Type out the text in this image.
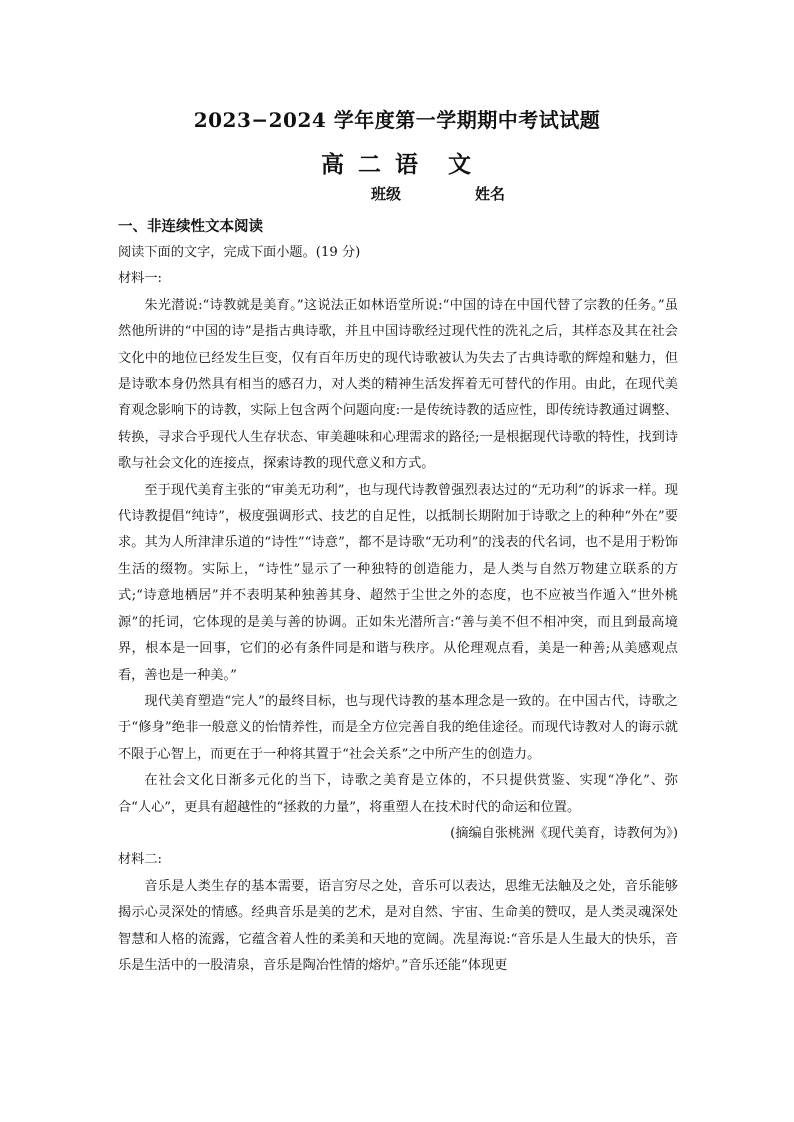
2023−2024 学年度第一学期期中考试试题
高 二 语 文
班级	姓名
一、非连续性文本阅读

阅读下面的文字，完成下面小题。(19 分)

材料一:

朱光潜说:“诗教就是美育。”这说法正如林语堂所说:“中国的诗在中国代替了宗教的任务。”虽然他所讲的“中国的诗”是指古典诗歌，并且中国诗歌经过现代性的洗礼之后，其样态及其在社会文化中的地位已经发生巨变，仅有百年历史的现代诗歌被认为失去了古典诗歌的辉煌和魅力，但是诗歌本身仍然具有相当的感召力，对人类的精神生活发挥着无可替代的作用。由此，在现代美育观念影响下的诗教，实际上包含两个问题向度:一是传统诗教的适应性，即传统诗教通过调整、转换，寻求合乎现代人生存状态、审美趣味和心理需求的路径;一是根据现代诗歌的特性，找到诗歌与社会文化的连接点，探索诗教的现代意义和方式。

至于现代美育主张的“审美无功利”，也与现代诗教曾强烈表达过的“无功利”的诉求一样。现代诗教提倡“纯诗”，极度强调形式、技艺的自足性，以抵制长期附加于诗歌之上的种种“外在”要求。其为人所津津乐道的“诗性”“诗意”，都不是诗歌“无功利”的浅表的代名词，也不是用于粉饰生活的缀物。实际上，“诗性”显示了一种独特的创造能力，是人类与自然万物建立联系的方式;“诗意地栖居”并不表明某种独善其身、超然于尘世之外的态度，也不应被当作遁入“世外桃源”的托词，它体现的是美与善的协调。正如朱光潜所言:“善与美不但不相冲突，而且到最高境界，根本是一回事，它们的必有条件同是和谐与秩序。从伦理观点看，美是一种善;从美感观点看，善也是一种美。”

现代美育塑造“完人”的最终目标，也与现代诗教的基本理念是一致的。在中国古代，诗歌之于“修身”绝非一般意义的怡情养性，而是全方位完善自我的绝佳途径。而现代诗教对人的诲示就不限于心智上，而更在于一种将其置于“社会关系”之中所产生的创造力。

在社会文化日渐多元化的当下，诗歌之美育是立体的，不只提供赏鉴、实现“净化”、弥合“人心”，更具有超越性的“拯救的力量”，将重塑人在技术时代的命运和位置。

(摘编自张桃洲《现代美育，诗教何为》)

材料二:

音乐是人类生存的基本需要，语言穷尽之处，音乐可以表达，思维无法触及之处，音乐能够揭示心灵深处的情感。经典音乐是美的艺术，是对自然、宇宙、生命美的赞叹，是人类灵魂深处智慧和人格的流露，它蕴含着人性的柔美和天地的宽阔。冼星海说:“音乐是人生最大的快乐，音乐是生活中的一股清泉，音乐是陶冶性情的熔炉。”音乐还能“体现更
